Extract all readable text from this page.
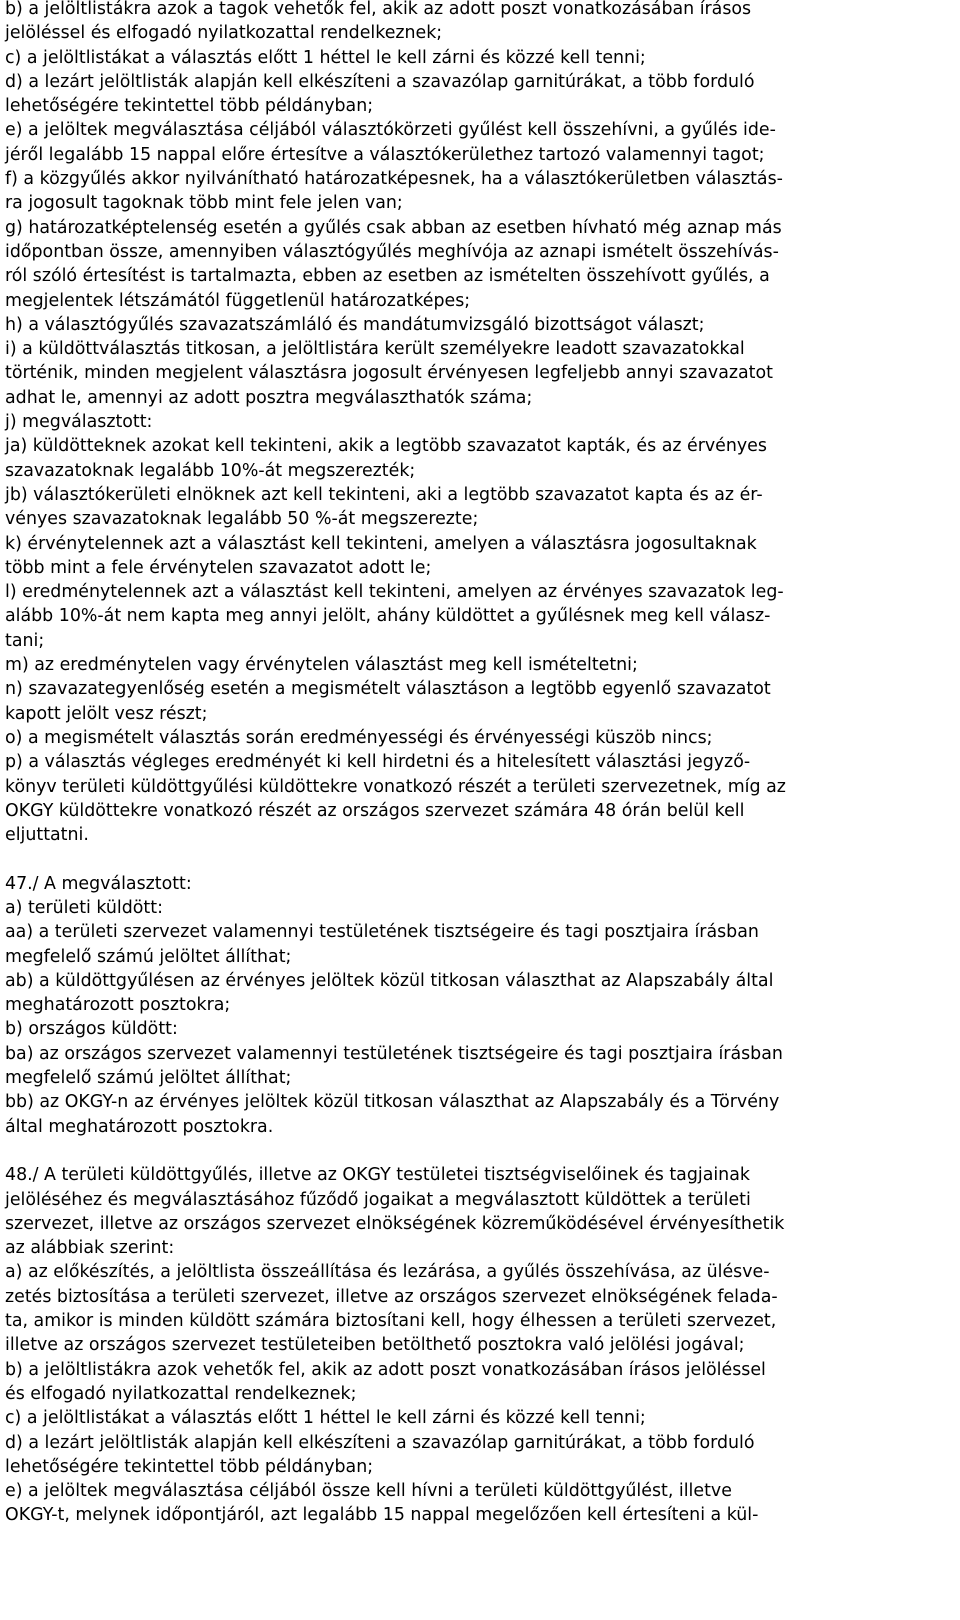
b) a jelöltlistákra azok a tagok vehetők fel, akik az adott poszt vonatkozásában írásos
jelöléssel és elfogadó nyilatkozattal rendelkeznek;
c) a jelöltlistákat a választás előtt 1 héttel le kell zárni és közzé kell tenni;
d) a lezárt jelöltlisták alapján kell elkészíteni a szavazólap garnitúrákat, a több forduló
lehetőségére tekintettel több példányban;
e) a jelöltek megválasztása céljából választókörzeti gyűlést kell összehívni, a gyűlés ide-
jéről legalább 15 nappal előre értesítve a választókerülethez tartozó valamennyi tagot;
f) a közgyűlés akkor nyilvánítható határozatképesnek, ha a választókerületben választás-
ra jogosult tagoknak több mint fele jelen van;
g) határozatképtelenség esetén a gyűlés csak abban az esetben hívható még aznap más
időpontban össze, amennyiben választógyűlés meghívója az aznapi ismételt összehívás-
ról szóló értesítést is tartalmazta, ebben az esetben az ismételten összehívott gyűlés, a
megjelentek létszámától függetlenül határozatképes;
h) a választógyűlés szavazatszámláló és mandátumvizsgáló bizottságot választ;
i) a küldöttválasztás titkosan, a jelöltlistára került személyekre leadott szavazatokkal
történik, minden megjelent választásra jogosult érvényesen legfeljebb annyi szavazatot
adhat le, amennyi az adott posztra megválaszthatók száma;
j) megválasztott:
ja) küldötteknek azokat kell tekinteni, akik a legtöbb szavazatot kapták, és az érvényes
szavazatoknak legalább 10%-át megszerezték;
jb) választókerületi elnöknek azt kell tekinteni, aki a legtöbb szavazatot kapta és az ér-
vényes szavazatoknak legalább 50 %-át megszerezte;
k) érvénytelennek azt a választást kell tekinteni, amelyen a választásra jogosultaknak
több mint a fele érvénytelen szavazatot adott le;
l) eredménytelennek azt a választást kell tekinteni, amelyen az érvényes szavazatok leg-
alább 10%-át nem kapta meg annyi jelölt, ahány küldöttet a gyűlésnek meg kell válasz-
tani;
m) az eredménytelen vagy érvénytelen választást meg kell ismételtetni;
n) szavazategyenlőség esetén a megismételt választáson a legtöbb egyenlő szavazatot
kapott jelölt vesz részt;
o) a megismételt választás során eredményességi és érvényességi küszöb nincs;
p) a választás végleges eredményét ki kell hirdetni és a hitelesített választási jegyző-
könyv területi küldöttgyűlési küldöttekre vonatkozó részét a területi szervezetnek, míg az
OKGY küldöttekre vonatkozó részét az országos szervezet számára 48 órán belül kell
eljuttatni.
47./ A megválasztott:
a) területi küldött:
aa) a területi szervezet valamennyi testületének tisztségeire és tagi posztjaira írásban
megfelelő számú jelöltet állíthat;
ab) a küldöttgyűlésen az érvényes jelöltek közül titkosan választhat az Alapszabály által
meghatározott posztokra;
b) országos küldött:
ba) az országos szervezet valamennyi testületének tisztségeire és tagi posztjaira írásban
megfelelő számú jelöltet állíthat;
bb) az OKGY-n az érvényes jelöltek közül titkosan választhat az Alapszabály és a Törvény
által meghatározott posztokra.
48./ A területi küldöttgyűlés, illetve az OKGY testületei tisztségviselőinek és tagjainak
jelöléséhez és megválasztásához fűződő jogaikat a megválasztott küldöttek a területi
szervezet, illetve az országos szervezet elnökségének közreműködésével érvényesíthetik
az alábbiak szerint:
a) az előkészítés, a jelöltlista összeállítása és lezárása, a gyűlés összehívása, az ülésve-
zetés biztosítása a területi szervezet, illetve az országos szervezet elnökségének felada-
ta, amikor is minden küldött számára biztosítani kell, hogy élhessen a területi szervezet,
illetve az országos szervezet testületeiben betölthető posztokra való jelölési jogával;
b) a jelöltlistákra azok vehetők fel, akik az adott poszt vonatkozásában írásos jelöléssel
és elfogadó nyilatkozattal rendelkeznek;
c) a jelöltlistákat a választás előtt 1 héttel le kell zárni és közzé kell tenni;
d) a lezárt jelöltlisták alapján kell elkészíteni a szavazólap garnitúrákat, a több forduló
lehetőségére tekintettel több példányban;
e) a jelöltek megválasztása céljából össze kell hívni a területi küldöttgyűlést, illetve
OKGY-t, melynek időpontjáról, azt legalább 15 nappal megelőzően kell értesíteni a kül-
